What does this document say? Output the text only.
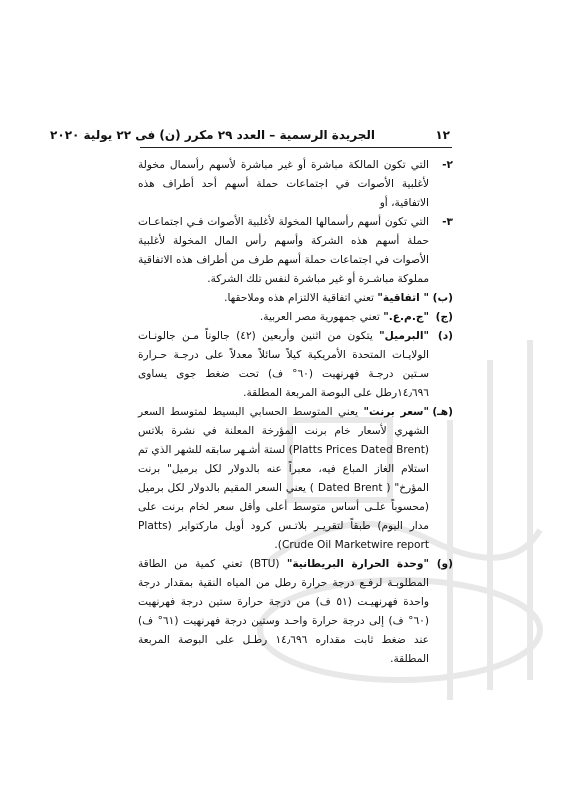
١٢
الجريدة الرسمية – العدد ٢٩ مكرر (ن) فى ٢٢ يولية ٢٠٢٠

٢-
التي تكون المالكة مباشرة أو غير مباشرة لأسهم رأسمال مخولة لأغلبية الأصوات في اجتماعات حملة أسهم أحد أطراف هذه الاتفاقية، أو

٣-
التي تكون أسهم رأسمالها المخولة لأغلبية الأصوات فـي اجتماعـات حملة أسهم هذه الشركة وأسهم رأس المال المخولة لأغلبية الأصوات في اجتماعات حملة أسهم طرف من أطراف هذه الاتفاقية مملوكة مباشـرة أو غير مباشرة لنفس تلك الشركة.

(ب)
" اتفاقية" تعني اتفاقية الالتزام هذه وملاحقها.

(ج)
"ج.م.ع." تعني جمهورية مصر العربية.

(د)
"البرميل" يتكون من اثنين وأربعين (٤٢) جالوناً مـن جالونـات الولايـات المتحدة الأمريكية كيلاً سائلاً معدلاً على درجـة حـرارة سـتين درجـة فهرنهيت (٦٠° ف) تحت ضغط جوى يساوى ١٤٫٦٩٦رطل على البوصة المربعة المطلقة.

(هـ)
"سعر برنت" يعني المتوسط الحسابي البسيط لمتوسط السعر الشهري لأسعار خام برنت المؤرخة المعلنة في نشرة بلاتس (Platts Prices Dated Brent) لستة أشـهر سابقه للشهر الذي تم استلام الغاز المباع فيه، معبراً عنه بالدولار لكل برميل" برنت المؤرخ" ( Dated Brent ) يعني السعر المقيم بالدولار لكل برميل (محسوباً علـى أساس متوسط أعلى وأقل سعر لخام برنت على مدار اليوم) طبقاً لتقريـر بلاتـس كرود أويل ماركتواير (Platts Crude Oil Marketwire report).

(و)
"وحدة الحرارة البريطانية" (BTU) تعني كمية من الطاقة المطلوبـة لرفـع درجة حرارة رطل من المياه النقية بمقدار درجة واحدة فهرنهيـت (٥١ ف) من درجة حرارة ستين درجة فهرنهيت (٦٠° ف) إلى درجة حرارة واحـد وستين درجة فهرنهيت (٦١° ف) عند ضغط ثابت مقداره ١٤٫٦٩٦ رطـل على البوصة المربعة المطلقة.
